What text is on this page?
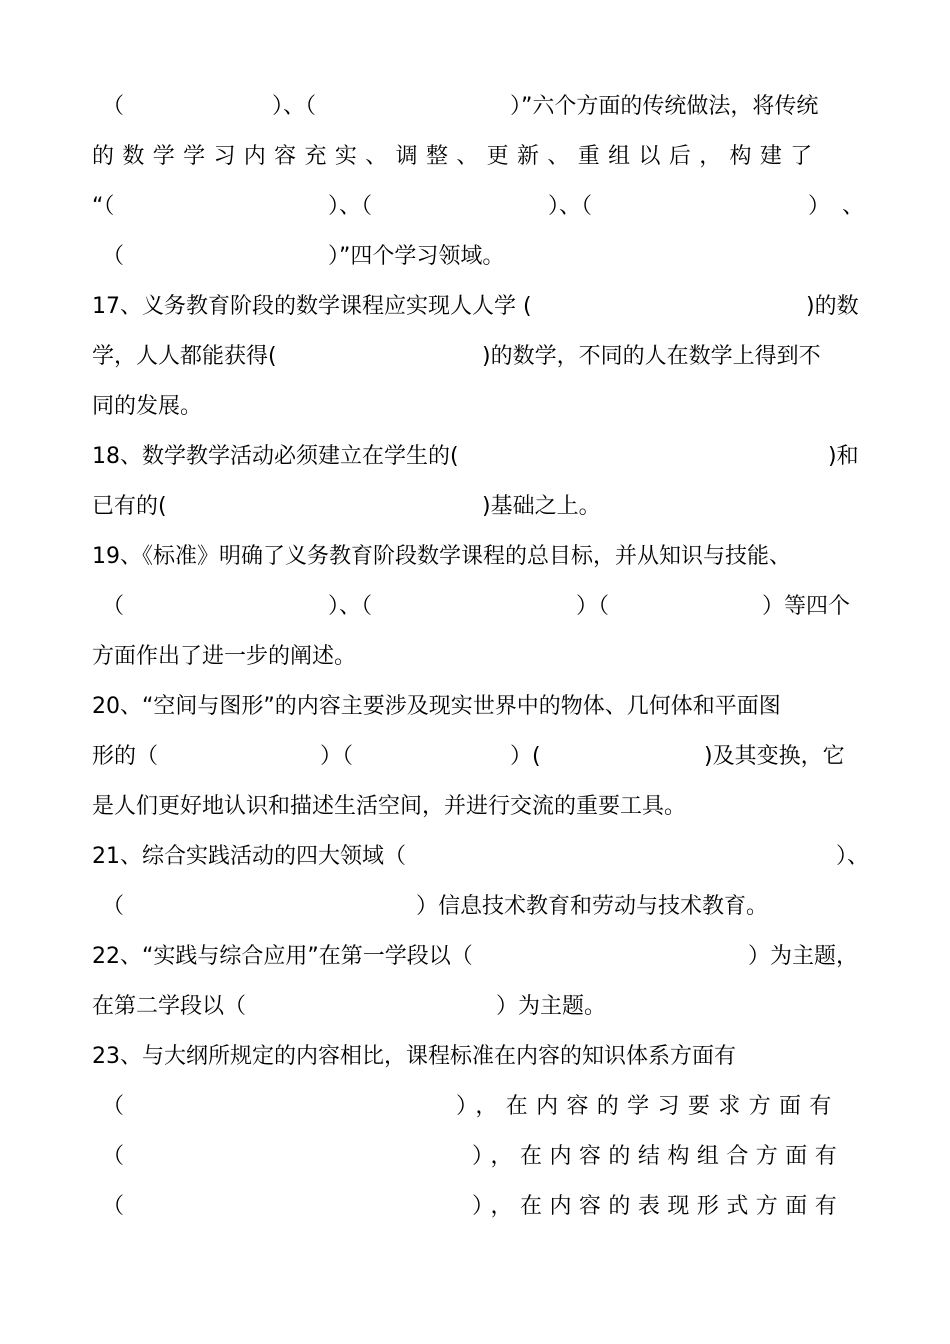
（	）、（	）”六个方面的传统做法，将传统
的数学学习内容充实、调整、更新、重组以后，构建了
“（	）、（	）、（	） 、
（	）”四个学习领域。
17、义务教育阶段的数学课程应实现人人学 (	)的数
学，人人都能获得(	)的数学，不同的人在数学上得到不
同的发展。
18、数学教学活动必须建立在学生的(	)和
已有的(	)基础之上。
19、《标准》明确了义务教育阶段数学课程的总目标，并从知识与技能、
（	）、（	）（	）等四个
方面作出了进一步的阐述。
20、“空间与图形”的内容主要涉及现实世界中的物体、几何体和平面图
形的（	）（	）(	)及其变换，它
是人们更好地认识和描述生活空间，并进行交流的重要工具。
21、综合实践活动的四大领域（	）、
（	）信息技术教育和劳动与技术教育。
22、“实践与综合应用”在第一学段以（	）为主题，
在第二学段以（	）为主题。
23、与大纲所规定的内容相比，课程标准在内容的知识体系方面有
（	），在内容的学习要求方面有
（	），在内容的结构组合方面有
（	），在内容的表现形式方面有
